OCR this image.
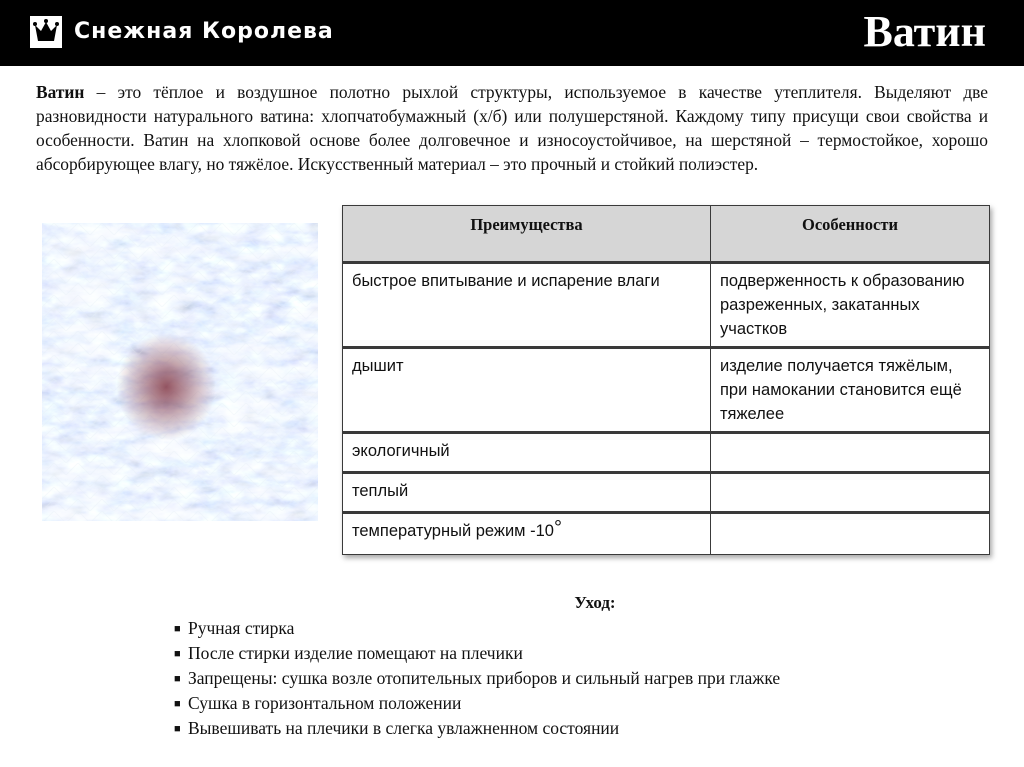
Снежная Королева	Ватин

Ватин – это тёплое и воздушное полотно рыхлой структуры, используемое в качестве утеплителя. Выделяют две разновидности натурального ватина: хлопчатобумажный (х/б) или полушерстяной. Каждому типу присущи свои свойства и особенности. Ватин на хлопковой основе более долговечное и износоустойчивое, на шерстяной – термостойкое, хорошо абсорбирующее влагу, но тяжёлое. Искусственный материал – это прочный и стойкий полиэстер.

Преимущества	Особенности
быстрое впитывание и испарение влаги	подверженность к образованию разреженных, закатанных участков
дышит	изделие получается тяжёлым, при намокании становится ещё тяжелее
экологичный	
теплый	
температурный режим -10°	
Уход:
■ Ручная стирка
■ После стирки изделие помещают на плечики
■ Запрещены: сушка возле отопительных приборов и сильный нагрев при глажке
■ Сушка в горизонтальном положении
■ Вывешивать на плечики в слегка увлажненном состоянии
